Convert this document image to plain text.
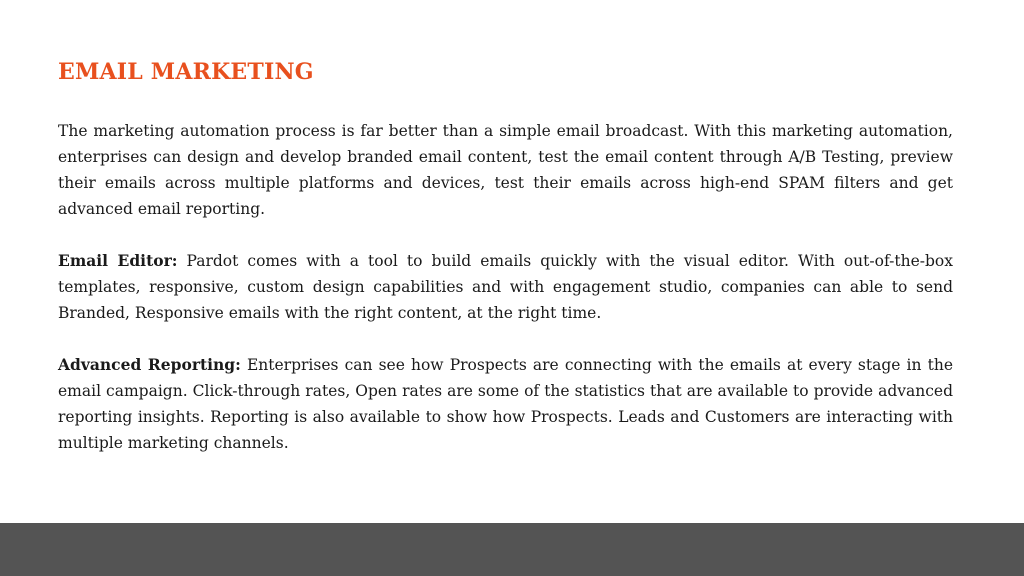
EMAIL MARKETING

The marketing automation process is far better than a simple email broadcast. With this marketing automation, enterprises can design and develop branded email content, test the email content through A/B Testing, preview their emails across multiple platforms and devices, test their emails across high-end SPAM filters and get advanced email reporting.

Email Editor: Pardot comes with a tool to build emails quickly with the visual editor. With out-of-the-box templates, responsive, custom design capabilities and with engagement studio, companies can able to send Branded, Responsive emails with the right content, at the right time.

Advanced Reporting: Enterprises can see how Prospects are connecting with the emails at every stage in the email campaign. Click-through rates, Open rates are some of the statistics that are available to provide advanced reporting insights. Reporting is also available to show how Prospects. Leads and Customers are interacting with multiple marketing channels.
